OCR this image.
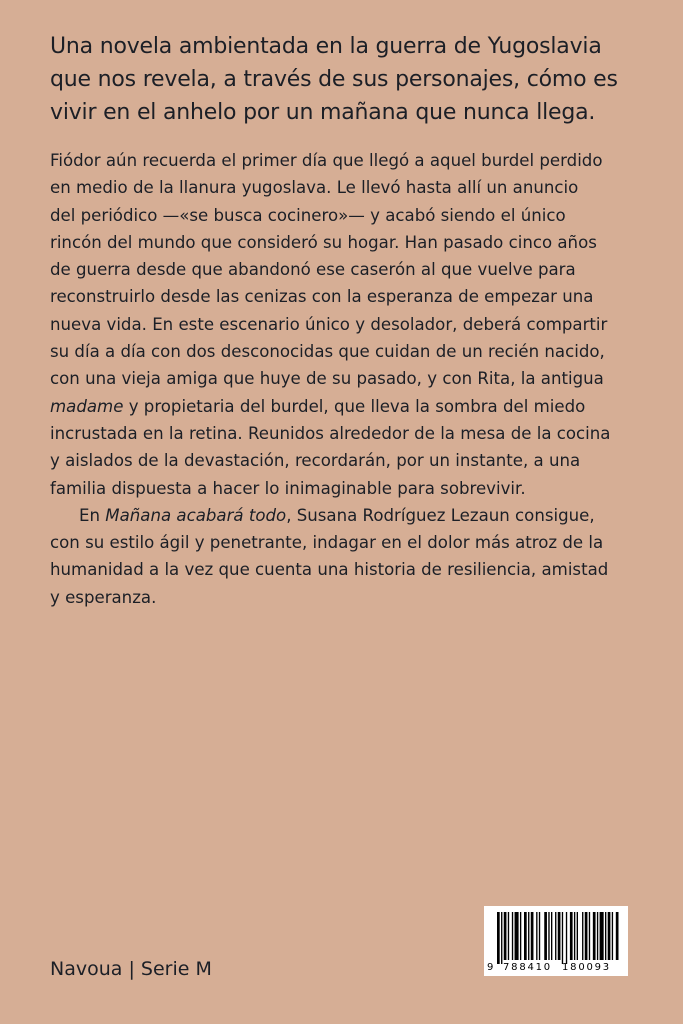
Una novela ambientada en la guerra de Yugoslavia
que nos revela, a través de sus personajes, cómo es
vivir en el anhelo por un mañana que nunca llega.
Fiódor aún recuerda el primer día que llegó a aquel burdel perdido
en medio de la llanura yugoslava. Le llevó hasta allí un anuncio
del periódico —«se busca cocinero»— y acabó siendo el único
rincón del mundo que consideró su hogar. Han pasado cinco años
de guerra desde que abandonó ese caserón al que vuelve para
reconstruirlo desde las cenizas con la esperanza de empezar una
nueva vida. En este escenario único y desolador, deberá compartir
su día a día con dos desconocidas que cuidan de un recién nacido,
con una vieja amiga que huye de su pasado, y con Rita, la antigua
madame y propietaria del burdel, que lleva la sombra del miedo
incrustada en la retina. Reunidos alrededor de la mesa de la cocina
y aislados de la devastación, recordarán, por un instante, a una
familia dispuesta a hacer lo inimaginable para sobrevivir.
En Mañana acabará todo, Susana Rodríguez Lezaun consigue,
con su estilo ágil y penetrante, indagar en el dolor más atroz de la
humanidad a la vez que cuenta una historia de resiliencia, amistad
y esperanza.
Navoua | Serie M	9 788410 180093
